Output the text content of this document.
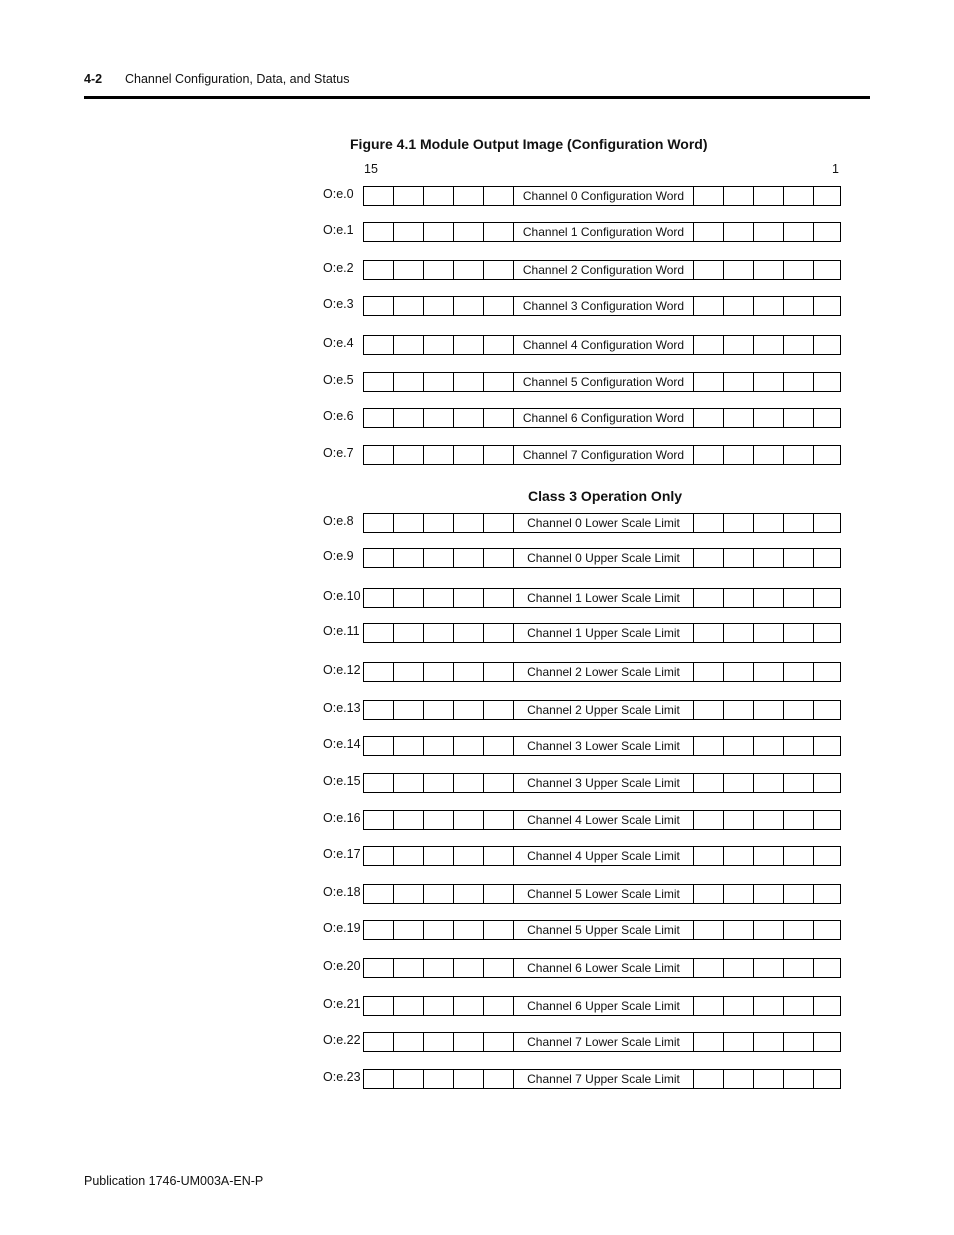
4-2 Channel Configuration, Data, and Status
Figure 4.1 Module Output Image (Configuration Word)
15	1
Class 3 Operation Only
O:e.0	Channel 0 Configuration Word
O:e.1	Channel 1 Configuration Word
O:e.2	Channel 2 Configuration Word
O:e.3	Channel 3 Configuration Word
O:e.4	Channel 4 Configuration Word
O:e.5	Channel 5 Configuration Word
O:e.6	Channel 6 Configuration Word
O:e.7	Channel 7 Configuration Word
O:e.8	Channel 0 Lower Scale Limit
O:e.9	Channel 0 Upper Scale Limit
O:e.10	Channel 1 Lower Scale Limit
O:e.11	Channel 1 Upper Scale Limit
O:e.12	Channel 2 Lower Scale Limit
O:e.13	Channel 2 Upper Scale Limit
O:e.14	Channel 3 Lower Scale Limit
O:e.15	Channel 3 Upper Scale Limit
O:e.16	Channel 4 Lower Scale Limit
O:e.17	Channel 4 Upper Scale Limit
O:e.18	Channel 5 Lower Scale Limit
O:e.19	Channel 5 Upper Scale Limit
O:e.20	Channel 6 Lower Scale Limit
O:e.21	Channel 6 Upper Scale Limit
O:e.22	Channel 7 Lower Scale Limit
O:e.23	Channel 7 Upper Scale Limit
Publication 1746-UM003A-EN-P
